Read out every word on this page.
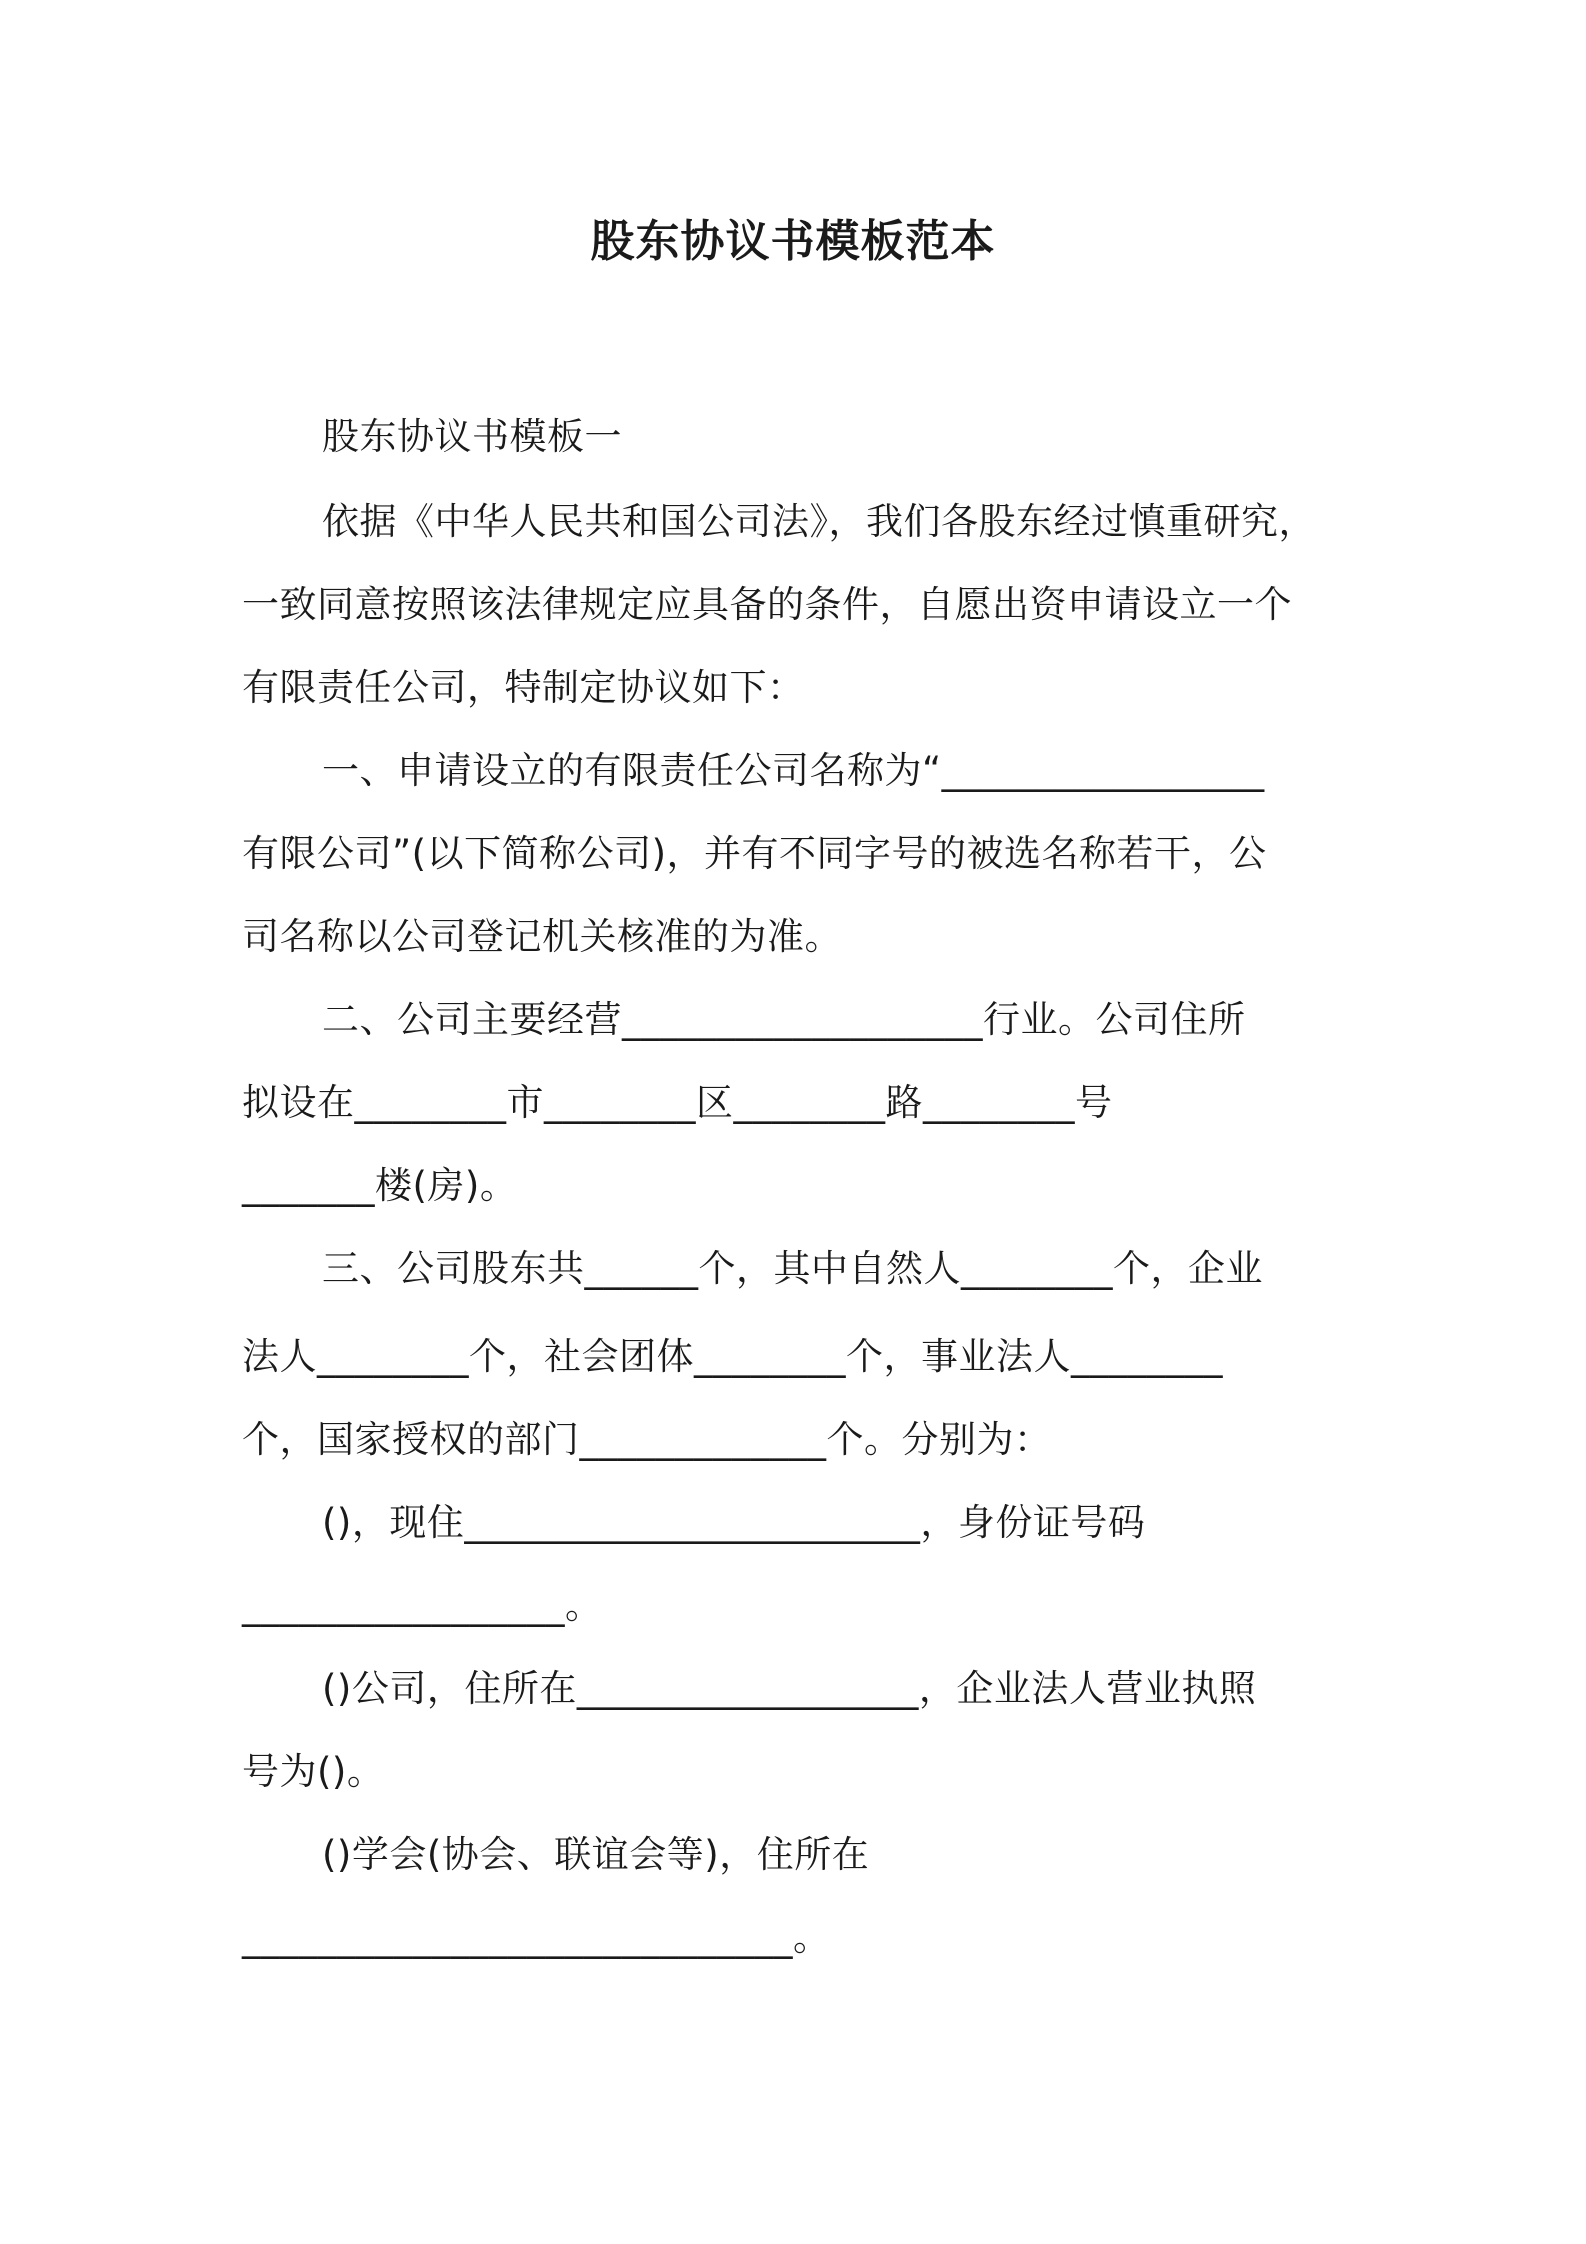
股东协议书模板范本
股东协议书模板一
依据《中华人民共和国公司法》，我们各股东经过慎重研究，
一致同意按照该法律规定应具备的条件，自愿出资申请设立一个
有限责任公司，特制定协议如下：
一、申请设立的有限责任公司名称为“_________________
有限公司”(以下简称公司)，并有不同字号的被选名称若干，公
司名称以公司登记机关核准的为准。
二、公司主要经营___________________行业。公司住所
拟设在________市________区________路________号
_______楼(房)。
三、公司股东共______个，其中自然人________个，企业
法人________个，社会团体________个，事业法人________
个，国家授权的部门_____________个。分别为：
()，现住________________________，身份证号码
_________________。
()公司，住所在__________________，企业法人营业执照
号为()。
()学会(协会、联谊会等)，住所在
_____________________________。
